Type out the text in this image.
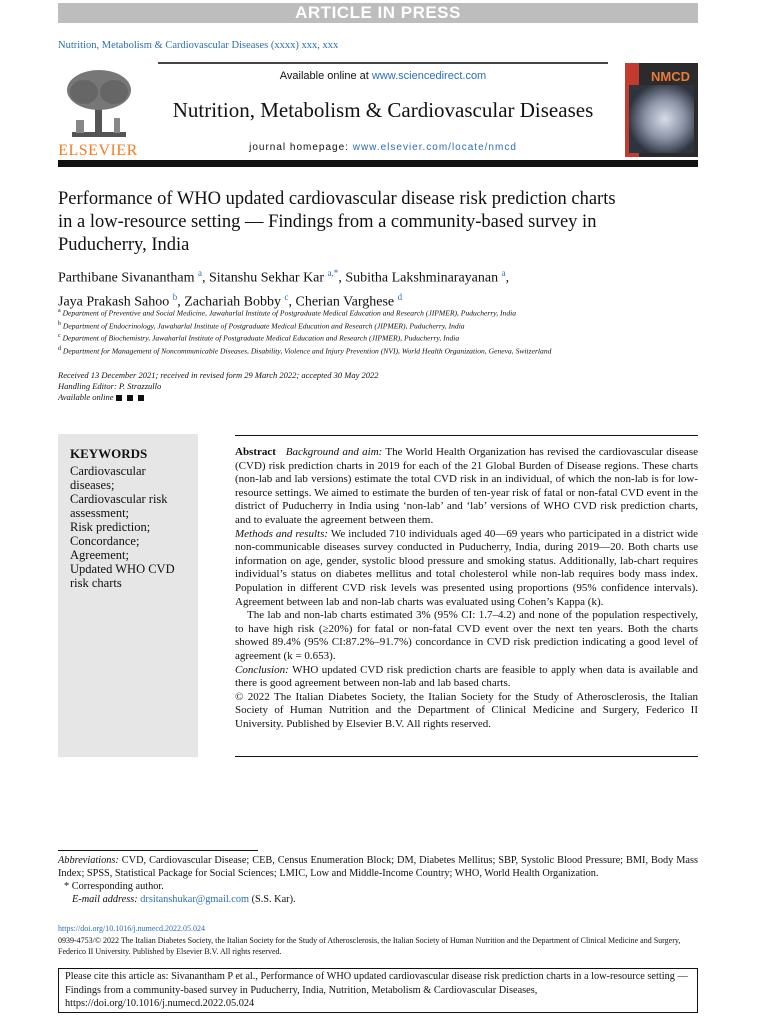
ARTICLE IN PRESS
Nutrition, Metabolism & Cardiovascular Diseases (xxxx) xxx, xxx
ELSEVIER
Available online at www.sciencedirect.com
Nutrition, Metabolism & Cardiovascular Diseases
journal homepage: www.elsevier.com/locate/nmcd
NMCD
Performance of WHO updated cardiovascular disease risk prediction charts in a low-resource setting — Findings from a community-based survey in Puducherry, India
Parthibane Sivanantham $^a$, Sitanshu Sekhar Kar $^{a,*}$, Subitha Lakshminarayanan $^a$,
Jaya Prakash Sahoo $^b$, Zachariah Bobby $^c$, Cherian Varghese $^d$
$^a$ Department of Preventive and Social Medicine, Jawaharlal Institute of Postgraduate Medical Education and Research (JIPMER), Puducherry, India
$^b$ Department of Endocrinology, Jawaharlal Institute of Postgraduate Medical Education and Research (JIPMER), Puducherry, India
$^c$ Department of Biochemistry, Jawaharlal Institute of Postgraduate Medical Education and Research (JIPMER), Puducherry, India
$^d$ Department for Management of Noncommunicable Diseases, Disability, Violence and Injury Prevention (NVI), World Health Organization, Geneva, Switzerland
Received 13 December 2021; received in revised form 29 March 2022; accepted 30 May 2022
Handling Editor: P. Strazzullo
Available online
KEYWORDS
Cardiovascular diseases;
Cardiovascular risk assessment;
Risk prediction;
Concordance;
Agreement;
Updated WHO CVD risk charts

Abstract Background and aim: The World Health Organization has revised the cardiovascular disease (CVD) risk prediction charts in 2019 for each of the 21 Global Burden of Disease regions. These charts (non-lab and lab versions) estimate the total CVD risk in an individual, of which the non-lab is for low-resource settings. We aimed to estimate the burden of ten-year risk of fatal or non-fatal CVD event in the district of Puducherry in India using ‘non-lab’ and ‘lab’ versions of WHO CVD risk prediction charts, and to evaluate the agreement between them.

Methods and results: We included 710 individuals aged 40—69 years who participated in a district wide non-communicable diseases survey conducted in Puducherry, India, during 2019—20. Both charts use information on age, gender, systolic blood pressure and smoking status. Additionally, lab-chart requires individual’s status on diabetes mellitus and total cholesterol while non-lab requires body mass index. Population in different CVD risk levels was presented using proportions (95% confidence intervals). Agreement between lab and non-lab charts was evaluated using Cohen’s Kappa (k).

The lab and non-lab charts estimated 3% (95% CI: 1.7–4.2) and none of the population respectively, to have high risk (≥20%) for fatal or non-fatal CVD event over the next ten years. Both the charts showed 89.4% (95% CI:87.2%–91.7%) concordance in CVD risk prediction indicating a good level of agreement (k = 0.653).

Conclusion: WHO updated CVD risk prediction charts are feasible to apply when data is available and there is good agreement between non-lab and lab based charts.

© 2022 The Italian Diabetes Society, the Italian Society for the Study of Atherosclerosis, the Italian Society of Human Nutrition and the Department of Clinical Medicine and Surgery, Federico II University. Published by Elsevier B.V. All rights reserved.

Abbreviations: CVD, Cardiovascular Disease; CEB, Census Enumeration Block; DM, Diabetes Mellitus; SBP, Systolic Blood Pressure; BMI, Body Mass Index; SPSS, Statistical Package for Social Sciences; LMIC, Low and Middle-Income Country; WHO, World Health Organization.
* Corresponding author.
E-mail address: drsitanshukar@gmail.com (S.S. Kar).
https://doi.org/10.1016/j.numecd.2022.05.024
0939-4753/© 2022 The Italian Diabetes Society, the Italian Society for the Study of Atherosclerosis, the Italian Society of Human Nutrition and the Department of Clinical Medicine and Surgery, Federico II University. Published by Elsevier B.V. All rights reserved.
Please cite this article as: Sivanantham P et al., Performance of WHO updated cardiovascular disease risk prediction charts in a low-resource setting — Findings from a community-based survey in Puducherry, India, Nutrition, Metabolism & Cardiovascular Diseases, https://doi.org/10.1016/j.numecd.2022.05.024
